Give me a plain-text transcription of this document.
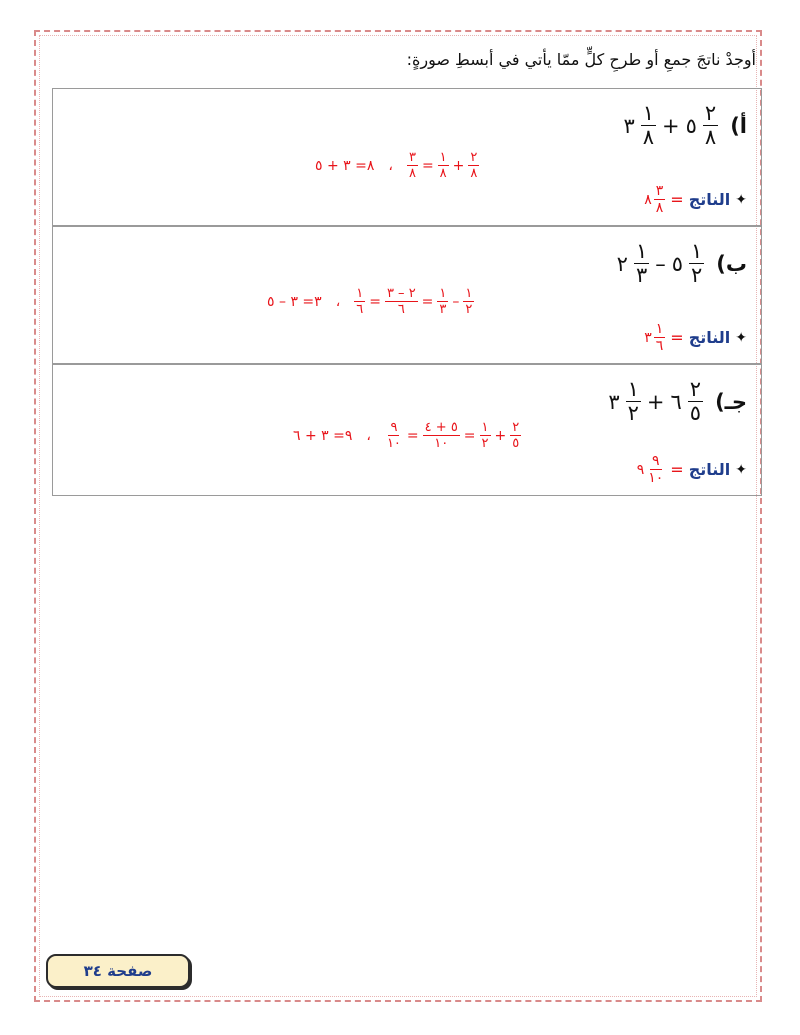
أوجدْ ناتجَ جمعِ أو طرحِ كلٍّ ممّا يأتي في أبسطِ صورةٍ:
أ)
٣ $\frac{١}{٨}$ + ٥ $\frac{٢}{٨}$
٨= ٣ + ٥ ، $\frac{٣}{٨} = \frac{١}{٨} + \frac{٢}{٨}$
✦
الناتج
=
٨ $\frac{٣}{٨}$
ب)
٢ $\frac{١}{٣}$ – ٥ $\frac{١}{٢}$
٣= ٣ – ٥ ، $\frac{١}{٦} = \frac{٢ - ٣}{٦} = \frac{١}{٣} - \frac{١}{٢}$
✦
الناتج
=
٣ $\frac{١}{٦}$
جـ)
٣ $\frac{١}{٢}$ + ٦ $\frac{٢}{٥}$
٩= ٣ + ٦ ، $\frac{٩}{١٠} = \frac{٥ + ٤}{١٠} = \frac{١}{٢} + \frac{٢}{٥}$
✦
الناتج
=
٩ $\frac{٩}{١٠}$
صفحة ٣٤
